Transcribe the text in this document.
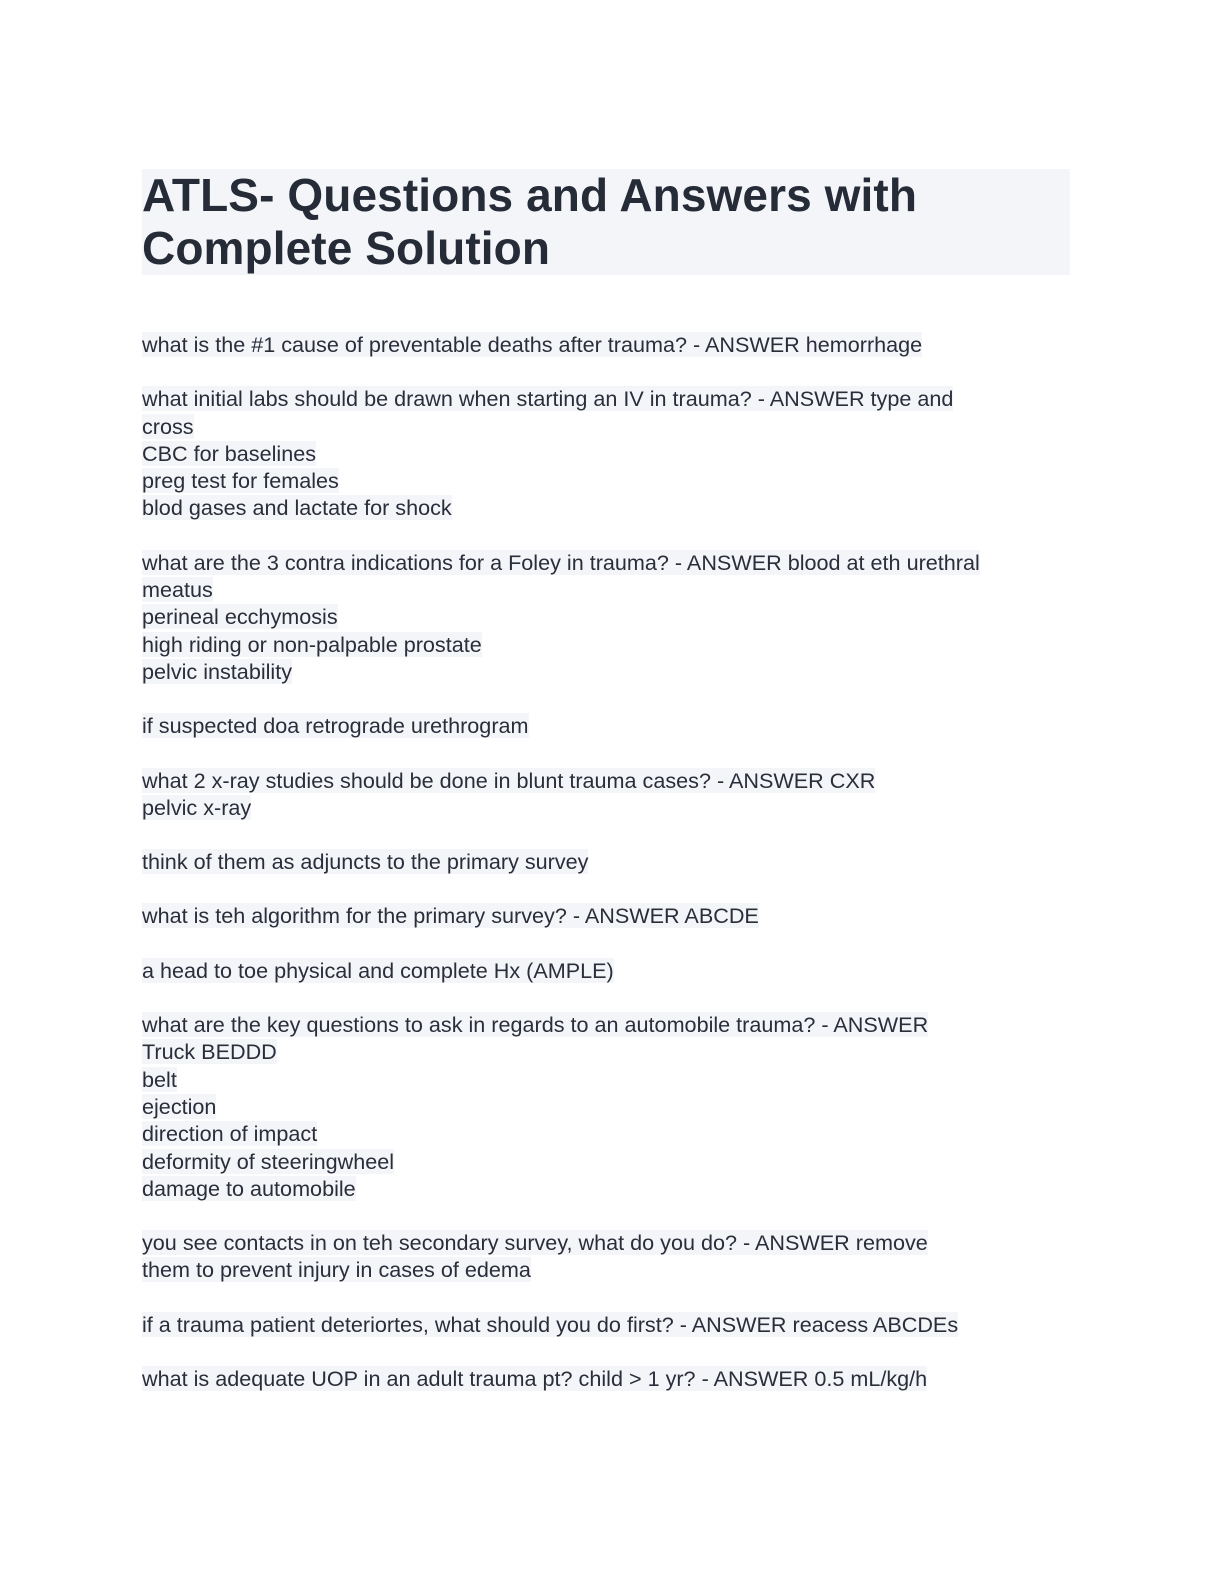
ATLS- Questions and Answers with
Complete Solution
what is the #1 cause of preventable deaths after trauma? - ANSWER hemorrhage
what initial labs should be drawn when starting an IV in trauma? - ANSWER type and
cross
CBC for baselines
preg test for females
blod gases and lactate for shock
what are the 3 contra indications for a Foley in trauma? - ANSWER blood at eth urethral
meatus
perineal ecchymosis
high riding or non-palpable prostate
pelvic instability
if suspected doa retrograde urethrogram
what 2 x-ray studies should be done in blunt trauma cases? - ANSWER CXR
pelvic x-ray
think of them as adjuncts to the primary survey
what is teh algorithm for the primary survey? - ANSWER ABCDE
a head to toe physical and complete Hx (AMPLE)
what are the key questions to ask in regards to an automobile trauma? - ANSWER
Truck BEDDD
belt
ejection
direction of impact
deformity of steeringwheel
damage to automobile
you see contacts in on teh secondary survey, what do you do? - ANSWER remove
them to prevent injury in cases of edema
if a trauma patient deteriortes, what should you do first? - ANSWER reacess ABCDEs
what is adequate UOP in an adult trauma pt? child > 1 yr? - ANSWER 0.5 mL/kg/h
